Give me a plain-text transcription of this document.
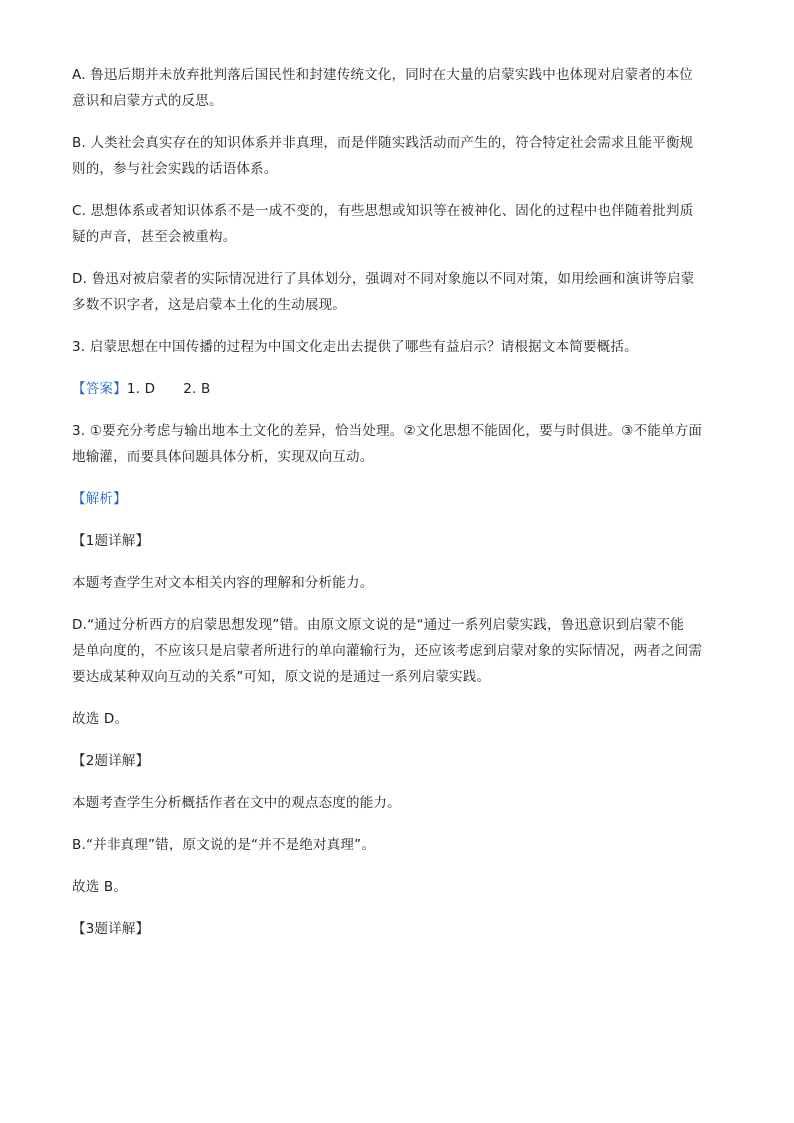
A. 鲁迅后期并未放弃批判落后国民性和封建传统文化，同时在大量的启蒙实践中也体现对启蒙者的本位

意识和启蒙方式的反思。

B. 人类社会真实存在的知识体系并非真理，而是伴随实践活动而产生的，符合特定社会需求且能平衡规

则的，参与社会实践的话语体系。

C. 思想体系或者知识体系不是一成不变的，有些思想或知识等在被神化、固化的过程中也伴随着批判质

疑的声音，甚至会被重构。

D. 鲁迅对被启蒙者的实际情况进行了具体划分，强调对不同对象施以不同对策，如用绘画和演讲等启蒙

多数不识字者，这是启蒙本土化的生动展现。

3. 启蒙思想在中国传播的过程为中国文化走出去提供了哪些有益启示？请根据文本简要概括。

【答案】1. D 2. B

3. ①要充分考虑与输出地本土文化的差异，恰当处理。②文化思想不能固化，要与时俱进。③不能单方面

地输灌，而要具体问题具体分析，实现双向互动。

【解析】

【1题详解】

本题考查学生对文本相关内容的理解和分析能力。

D.“通过分析西方的启蒙思想发现”错。由原文原文说的是“通过一系列启蒙实践，鲁迅意识到启蒙不能

是单向度的，不应该只是启蒙者所进行的单向灌输行为，还应该考虑到启蒙对象的实际情况，两者之间需

要达成某种双向互动的关系”可知，原文说的是通过一系列启蒙实践。

故选 D。

【2题详解】

本题考查学生分析概括作者在文中的观点态度的能力。

B.“并非真理”错，原文说的是“并不是绝对真理”。

故选 B。

【3题详解】
